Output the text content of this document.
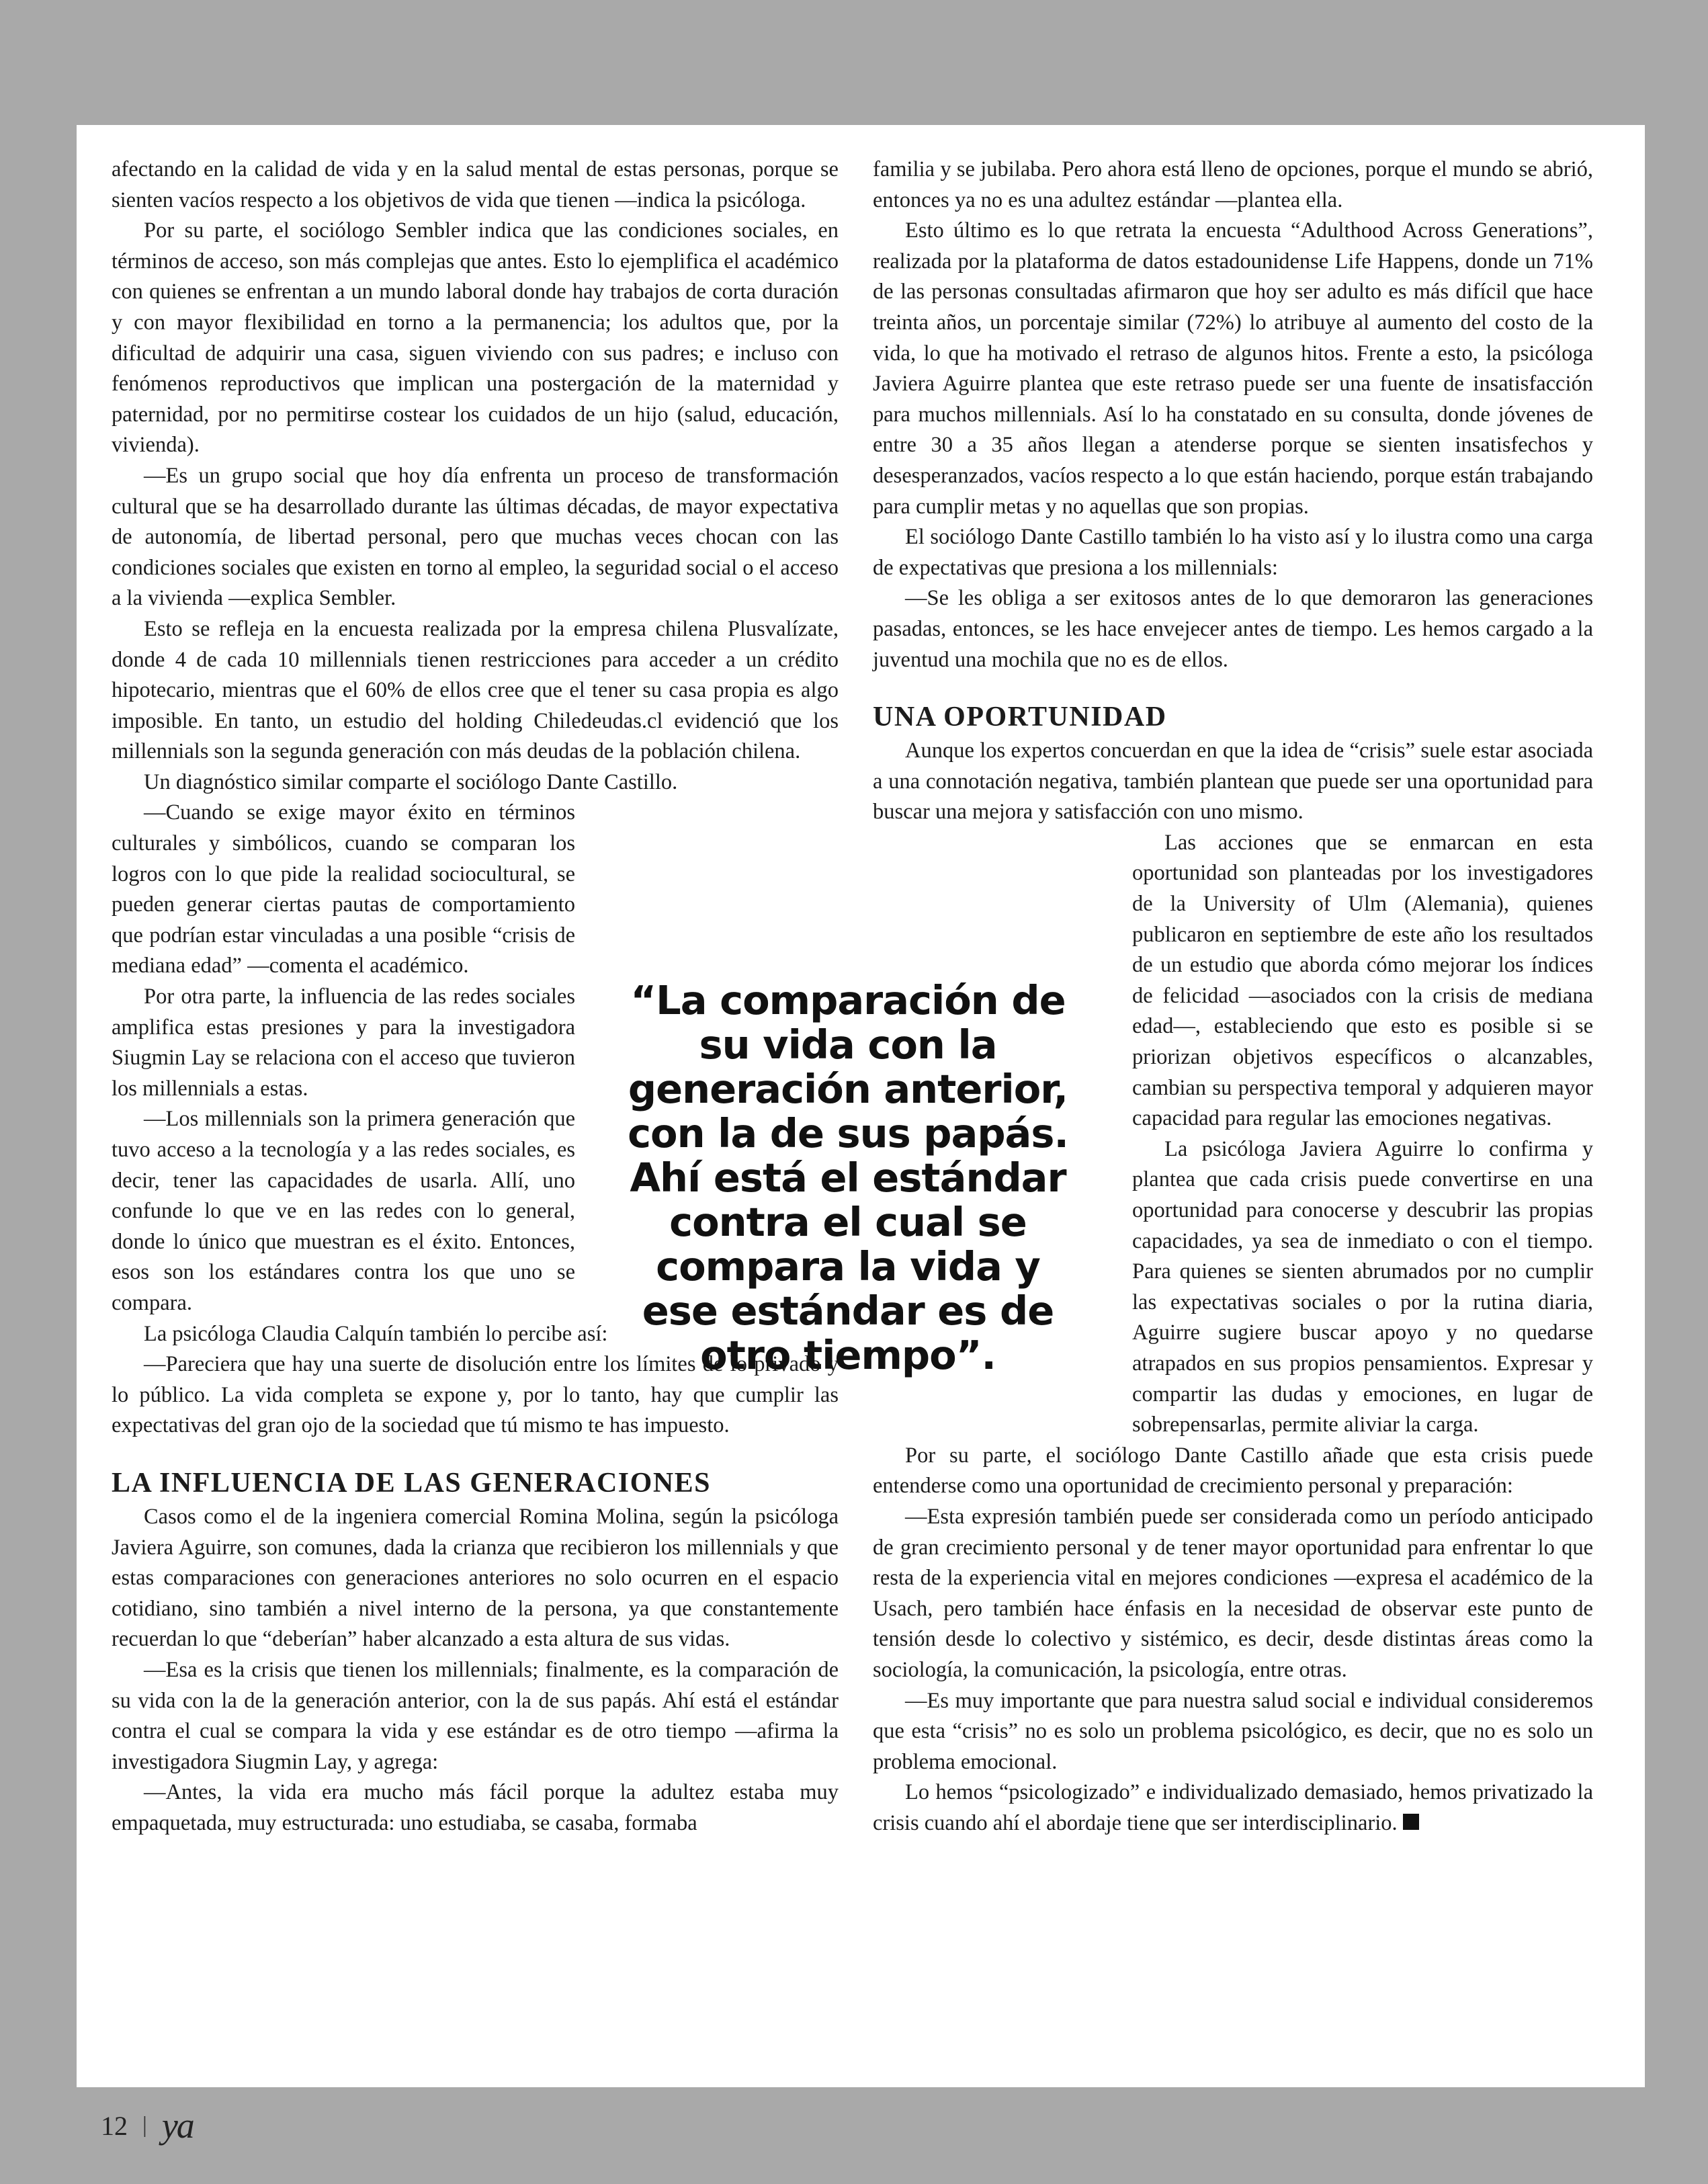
afectando en la calidad de vida y en la salud mental de estas personas, porque se sienten vacíos respecto a los objetivos de vida que tienen —indica la psicóloga.

Por su parte, el sociólogo Sembler indica que las condiciones sociales, en términos de acceso, son más complejas que antes. Esto lo ejemplifica el académico con quienes se enfrentan a un mundo laboral donde hay trabajos de corta duración y con mayor flexibilidad en torno a la permanencia; los adultos que, por la dificultad de adquirir una casa, siguen viviendo con sus padres; e incluso con fenómenos reproductivos que implican una postergación de la maternidad y paternidad, por no permitirse costear los cuidados de un hijo (salud, educación, vivienda).

—Es un grupo social que hoy día enfrenta un proceso de transformación cultural que se ha desarrollado durante las últimas décadas, de mayor expectativa de autonomía, de libertad personal, pero que muchas veces chocan con las condiciones sociales que existen en torno al empleo, la seguridad social o el acceso a la vivienda —explica Sembler.

Esto se refleja en la encuesta realizada por la empresa chilena Plusvalízate, donde 4 de cada 10 millennials tienen restricciones para acceder a un crédito hipotecario, mientras que el 60% de ellos cree que el tener su casa propia es algo imposible. En tanto, un estudio del holding Chiledeudas.cl evidenció que los millennials son la segunda generación con más deudas de la población chilena.

Un diagnóstico similar comparte el sociólogo Dante Castillo.

—Cuando se exige mayor éxito en términos culturales y simbólicos, cuando se comparan los logros con lo que pide la realidad sociocultural, se pueden generar ciertas pautas de comportamiento que podrían estar vinculadas a una posible “crisis de mediana edad” —comenta el académico.

Por otra parte, la influencia de las redes sociales amplifica estas presiones y para la investigadora Siugmin Lay se relaciona con el acceso que tuvieron los millennials a estas.

—Los millennials son la primera generación que tuvo acceso a la tecnología y a las redes sociales, es decir, tener las capacidades de usarla. Allí, uno confunde lo que ve en las redes con lo general, donde lo único que muestran es el éxito. Entonces, esos son los estándares contra los que uno se compara.

La psicóloga Claudia Calquín también lo percibe así:

—Pareciera que hay una suerte de disolución entre los límites de lo privado y lo público. La vida completa se expone y, por lo tanto, hay que cumplir las expectativas del gran ojo de la sociedad que tú mismo te has impuesto.

LA INFLUENCIA DE LAS GENERACIONES

Casos como el de la ingeniera comercial Romina Molina, según la psicóloga Javiera Aguirre, son comunes, dada la crianza que recibieron los millennials y que estas comparaciones con generaciones anteriores no solo ocurren en el espacio cotidiano, sino también a nivel interno de la persona, ya que constantemente recuerdan lo que “deberían” haber alcanzado a esta altura de sus vidas.

—Esa es la crisis que tienen los millennials; finalmente, es la comparación de su vida con la de la generación anterior, con la de sus papás. Ahí está el estándar contra el cual se compara la vida y ese estándar es de otro tiempo —afirma la investigadora Siugmin Lay, y agrega:

—Antes, la vida era mucho más fácil porque la adultez estaba muy empaquetada, muy estructurada: uno estudiaba, se casaba, formaba

familia y se jubilaba. Pero ahora está lleno de opciones, porque el mundo se abrió, entonces ya no es una adultez estándar —plantea ella.

Esto último es lo que retrata la encuesta “Adulthood Across Generations”, realizada por la plataforma de datos estadounidense Life Happens, donde un 71% de las personas consultadas afirmaron que hoy ser adulto es más difícil que hace treinta años, un porcentaje similar (72%) lo atribuye al aumento del costo de la vida, lo que ha motivado el retraso de algunos hitos. Frente a esto, la psicóloga Javiera Aguirre plantea que este retraso puede ser una fuente de insatisfacción para muchos millennials. Así lo ha constatado en su consulta, donde jóvenes de entre 30 a 35 años llegan a atenderse porque se sienten insatisfechos y desesperanzados, vacíos respecto a lo que están haciendo, porque están trabajando para cumplir metas y no aquellas que son propias.

El sociólogo Dante Castillo también lo ha visto así y lo ilustra como una carga de expectativas que presiona a los millennials:

—Se les obliga a ser exitosos antes de lo que demoraron las generaciones pasadas, entonces, se les hace envejecer antes de tiempo. Les hemos cargado a la juventud una mochila que no es de ellos.

UNA OPORTUNIDAD

Aunque los expertos concuerdan en que la idea de “crisis” suele estar asociada a una connotación negativa, también plantean que puede ser una oportunidad para buscar una mejora y satisfacción con uno mismo.

Las acciones que se enmarcan en esta oportunidad son planteadas por los investigadores de la University of Ulm (Alemania), quienes publicaron en septiembre de este año los resultados de un estudio que aborda cómo mejorar los índices de felicidad —asociados con la crisis de mediana edad—, estableciendo que esto es posible si se priorizan objetivos específicos o alcanzables, cambian su perspectiva temporal y adquieren mayor capacidad para regular las emociones negativas.

La psicóloga Javiera Aguirre lo confirma y plantea que cada crisis puede convertirse en una oportunidad para conocerse y descubrir las propias capacidades, ya sea de inmediato o con el tiempo. Para quienes se sienten abrumados por no cumplir las expectativas sociales o por la rutina diaria, Aguirre sugiere buscar apoyo y no quedarse atrapados en sus propios pensamientos. Expresar y compartir las dudas y emociones, en lugar de sobrepensarlas, permite aliviar la carga.

Por su parte, el sociólogo Dante Castillo añade que esta crisis puede entenderse como una oportunidad de crecimiento personal y preparación:

—Esta expresión también puede ser considerada como un período anticipado de gran crecimiento personal y de tener mayor oportunidad para enfrentar lo que resta de la experiencia vital en mejores condiciones —expresa el académico de la Usach, pero también hace énfasis en la necesidad de observar este punto de tensión desde lo colectivo y sistémico, es decir, desde distintas áreas como la sociología, la comunicación, la psicología, entre otras.

—Es muy importante que para nuestra salud social e individual consideremos que esta “crisis” no es solo un problema psicológico, es decir, que no es solo un problema emocional.

Lo hemos “psicologizado” e individualizado demasiado, hemos privatizado la crisis cuando ahí el abordaje tiene que ser interdisciplinario.

“La comparación de su vida con la generación anterior, con la de sus papás. Ahí está el estándar contra el cual se compara la vida y ese estándar es de otro tiempo”.
12 | ya
